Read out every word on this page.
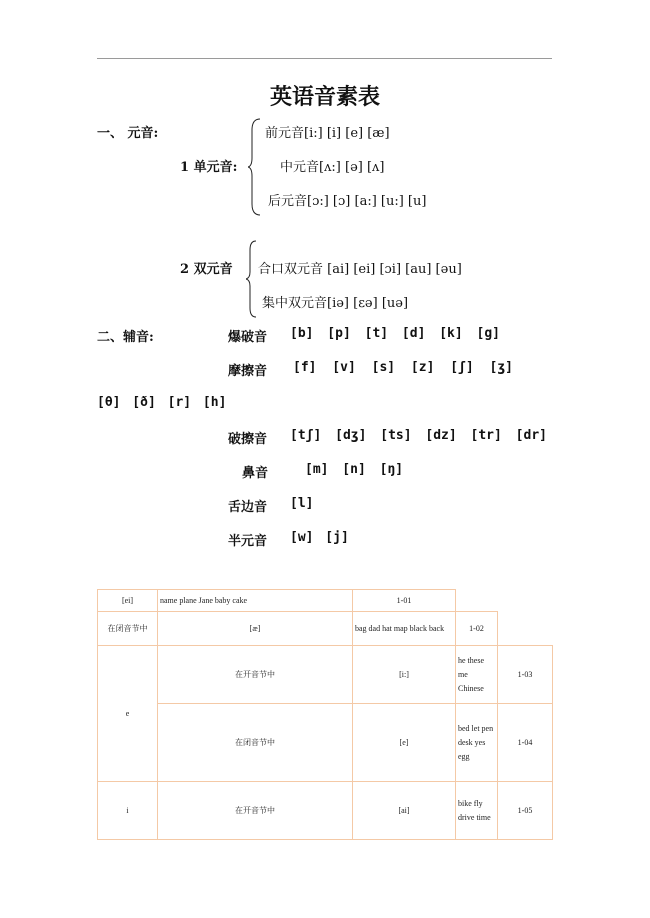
英语音素表
一、 元音:
1 单元音:
前元音[i:] [i] [e] [æ]
中元音[ʌ:] [ə] [ʌ]
后元音[ɔ:] [ɔ] [a:] [u:] [u]
2 双元音 合口双元音 [ai] [ei] [ɔi] [au] [əu]
集中双元音[iə] [εə] [uə]
二、辅音:	爆破音 [b] [p] [t] [d] [k] [g]
摩擦音 [f] [v] [s] [z] [ʃ] [ʒ]
[θ] [ð] [r] [h]
破擦音 [tʃ] [dʒ] [ts] [dz] [tr] [dr]
鼻音	[m] [n] [ŋ]
舌边音 [l]
半元音 [w] [j]
[ei]	name plane Jane baby cake	1-01		
在闭音节中	[æ]	bag dad hat map black back	1-02	
e	在开音节中	[i:]	he these me Chinese	1-03
	在闭音节中	[e]	bed let pen desk yes egg	1-04
i	在开音节中	[ai]	bike fly drive time	1-05
